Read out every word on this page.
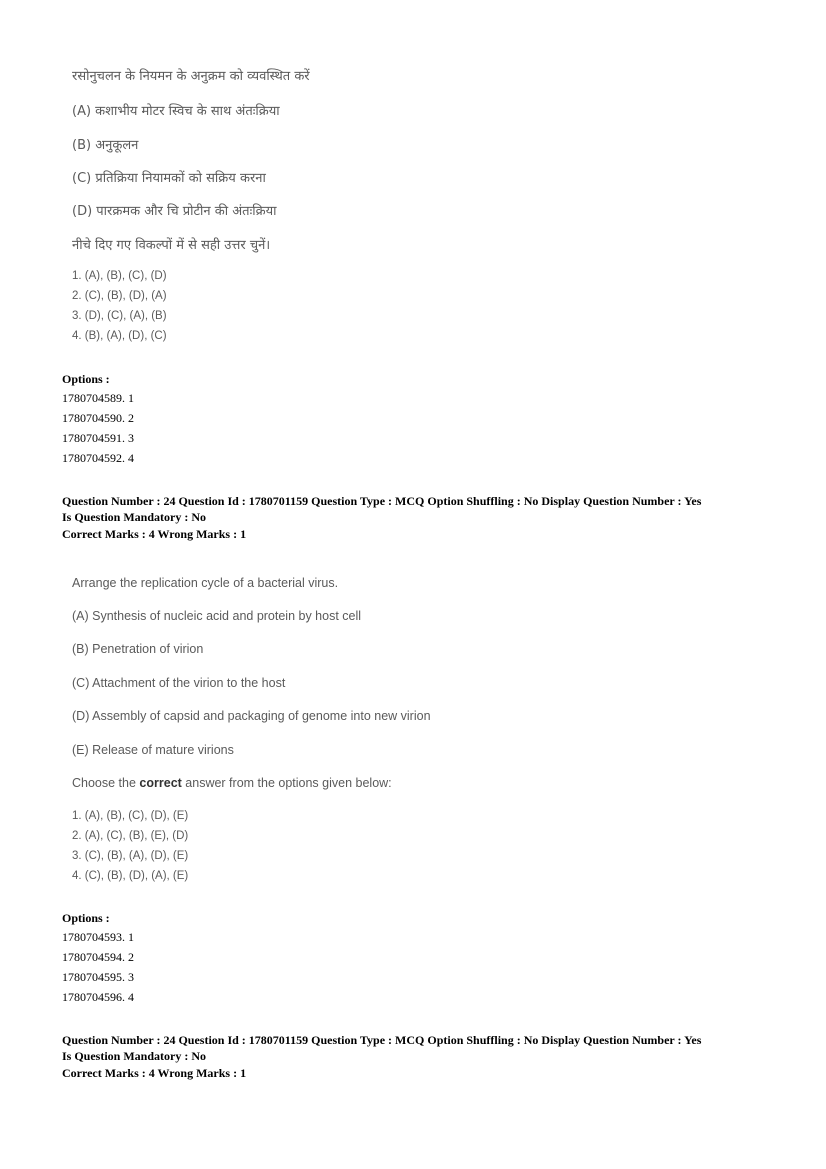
रसोनुचलन के नियमन के अनुक्रम को व्यवस्थित करें
(A) कशाभीय मोटर स्विच के साथ अंतःक्रिया
(B) अनुकूलन
(C) प्रतिक्रिया नियामकों को सक्रिय करना
(D) पारक्रमक और चि प्रोटीन की अंतःक्रिया
नीचे दिए गए विकल्पों में से सही उत्तर चुनें।
1. (A), (B), (C), (D)
2. (C), (B), (D), (A)
3. (D), (C), (A), (B)
4. (B), (A), (D), (C)
Options :
1780704589. 1
1780704590. 2
1780704591. 3
1780704592. 4
Question Number : 24 Question Id : 1780701159 Question Type : MCQ Option Shuffling : No Display Question Number : Yes
Is Question Mandatory : No
Correct Marks : 4 Wrong Marks : 1
Arrange the replication cycle of a bacterial virus.
(A) Synthesis of nucleic acid and protein by host cell
(B) Penetration of virion
(C) Attachment of the virion to the host
(D) Assembly of capsid and packaging of genome into new virion
(E) Release of mature virions
Choose the correct answer from the options given below:
1. (A), (B), (C), (D), (E)
2. (A), (C), (B), (E), (D)
3. (C), (B), (A), (D), (E)
4. (C), (B), (D), (A), (E)
Options :
1780704593. 1
1780704594. 2
1780704595. 3
1780704596. 4
Question Number : 24 Question Id : 1780701159 Question Type : MCQ Option Shuffling : No Display Question Number : Yes
Is Question Mandatory : No
Correct Marks : 4 Wrong Marks : 1
